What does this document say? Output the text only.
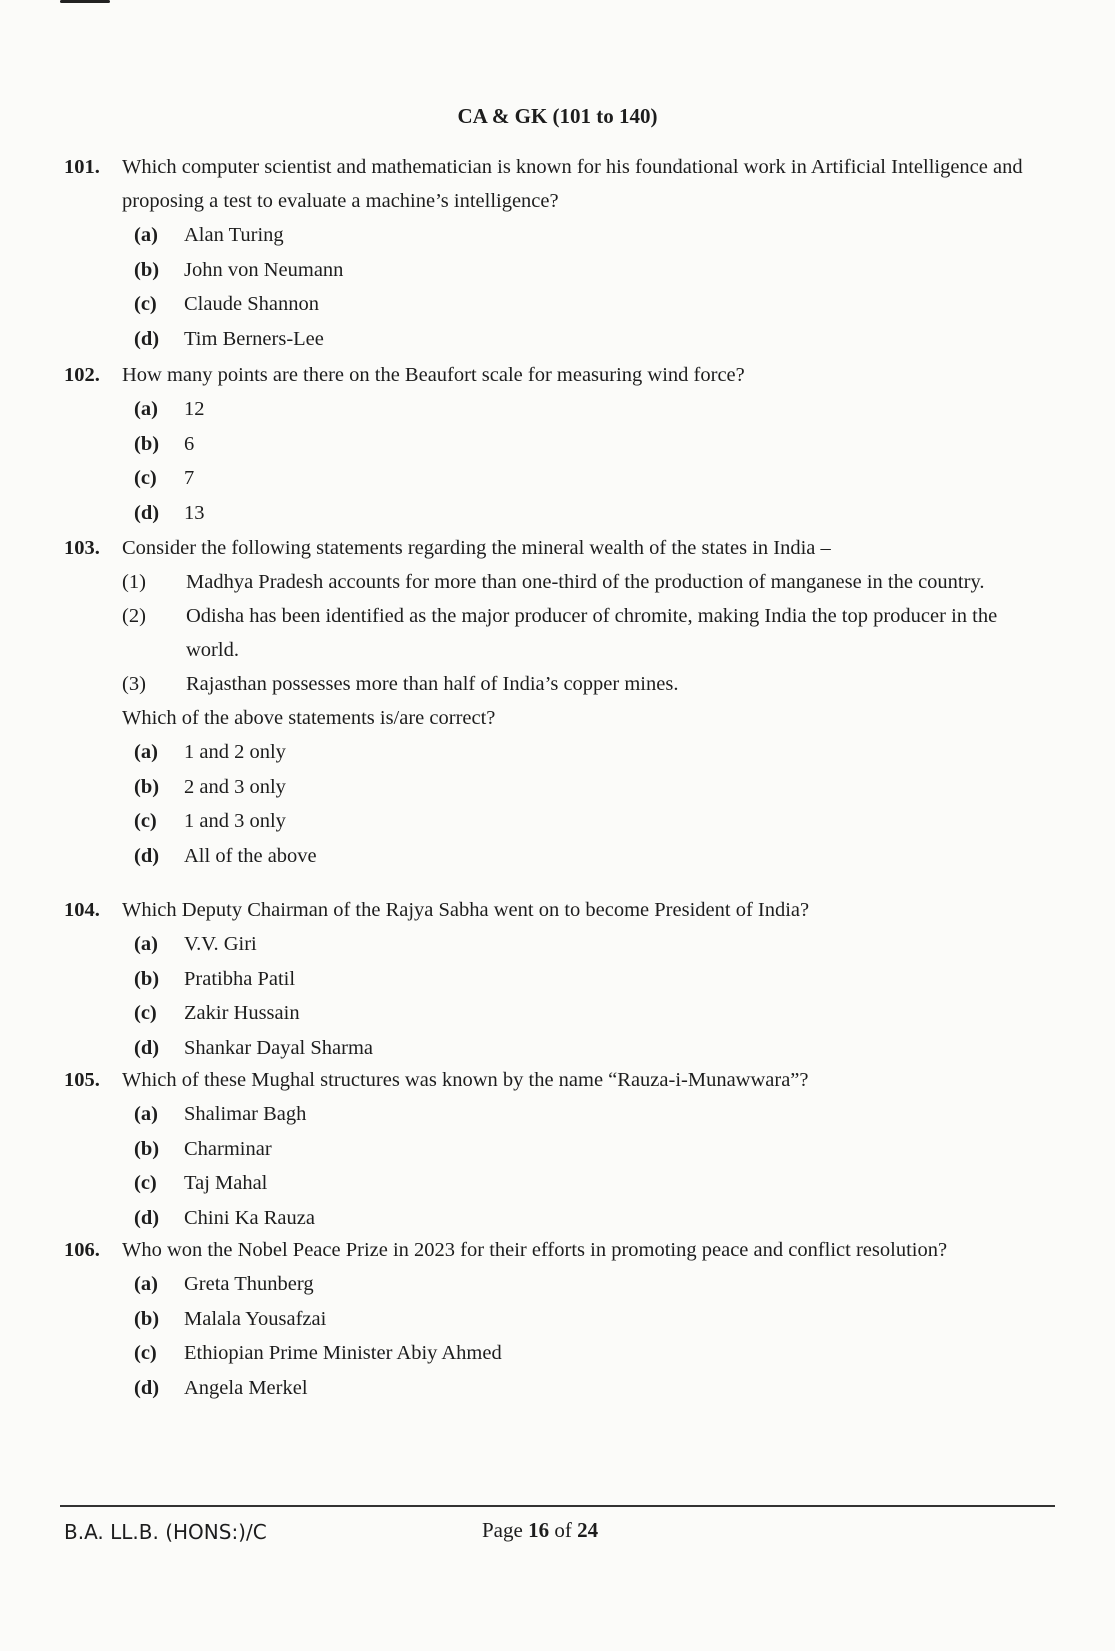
CA & GK (101 to 140)
101. Which computer scientist and mathematician is known for his foundational work in Artificial Intelligence and proposing a test to evaluate a machine’s intelligence?
(a) Alan Turing
(b) John von Neumann
(c) Claude Shannon
(d) Tim Berners-Lee
102. How many points are there on the Beaufort scale for measuring wind force?
(a) 12
(b) 6
(c) 7
(d) 13
103. Consider the following statements regarding the mineral wealth of the states in India –
(1)	Madhya Pradesh accounts for more than one-third of the production of manganese in the country.
(2)	Odisha has been identified as the major producer of chromite, making India the top producer in the world.
(3)	Rajasthan possesses more than half of India’s copper mines.
Which of the above statements is/are correct?
(a) 1 and 2 only
(b) 2 and 3 only
(c) 1 and 3 only
(d) All of the above
104. Which Deputy Chairman of the Rajya Sabha went on to become President of India?
(a) V.V. Giri
(b) Pratibha Patil
(c) Zakir Hussain
(d) Shankar Dayal Sharma
105. Which of these Mughal structures was known by the name “Rauza-i-Munawwara”?
(a) Shalimar Bagh
(b) Charminar
(c) Taj Mahal
(d) Chini Ka Rauza
106. Who won the Nobel Peace Prize in 2023 for their efforts in promoting peace and conflict resolution?
(a) Greta Thunberg
(b) Malala Yousafzai
(c) Ethiopian Prime Minister Abiy Ahmed
(d) Angela Merkel
B.A. LL.B. (HONS:)/C	Page 16 of 24
